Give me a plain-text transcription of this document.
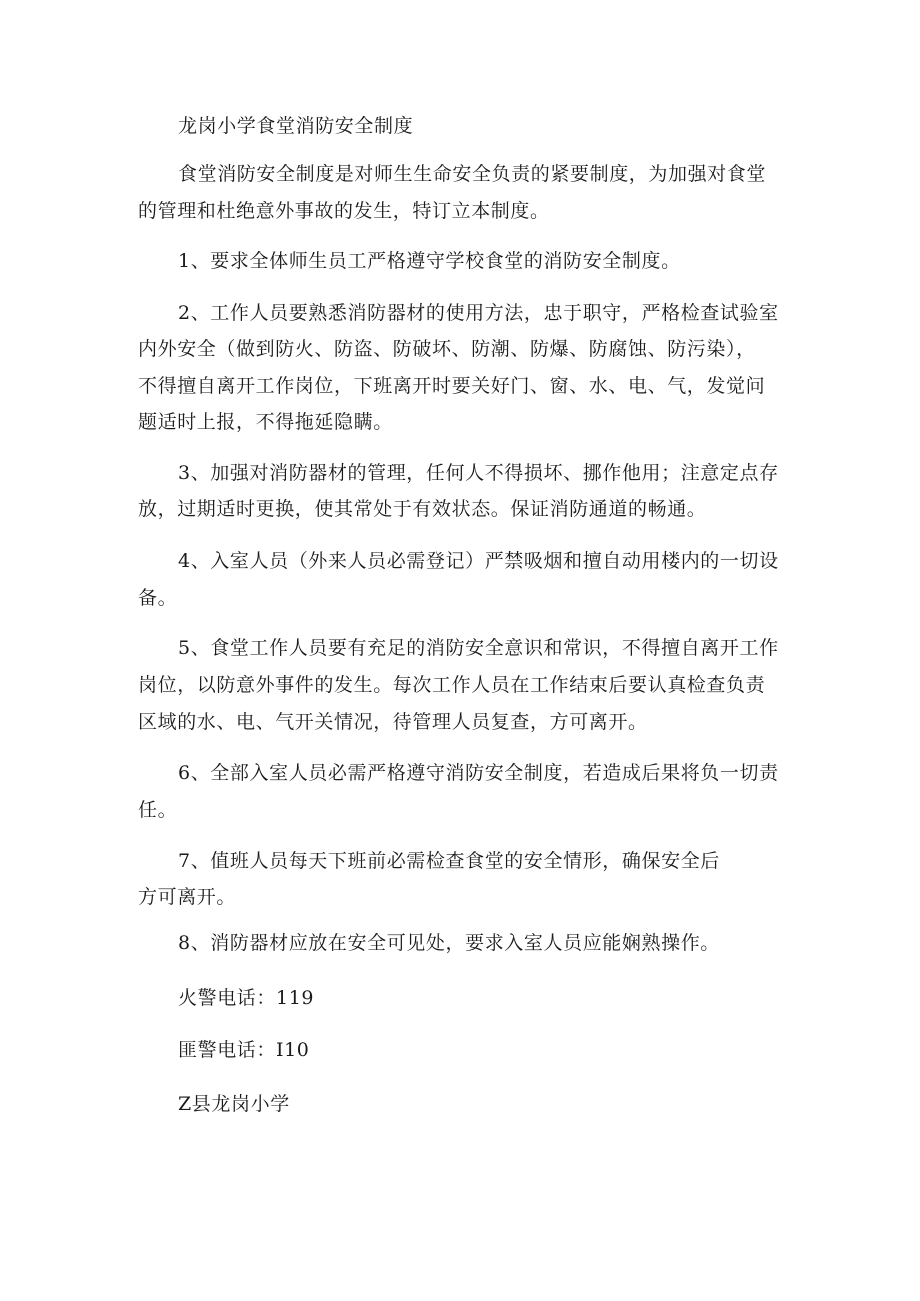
龙岗小学食堂消防安全制度
食堂消防安全制度是对师生生命安全负责的紧要制度，为加强对食堂
的管理和杜绝意外事故的发生，特订立本制度。
1、要求全体师生员工严格遵守学校食堂的消防安全制度。
2、工作人员要熟悉消防器材的使用方法，忠于职守，严格检查试验室
内外安全（做到防火、防盗、防破坏、防潮、防爆、防腐蚀、防污染），
不得擅自离开工作岗位，下班离开时要关好门、窗、水、电、气，发觉问
题适时上报，不得拖延隐瞒。
3、加强对消防器材的管理，任何人不得损坏、挪作他用；注意定点存
放，过期适时更换，使其常处于有效状态。保证消防通道的畅通。
4、入室人员（外来人员必需登记）严禁吸烟和擅自动用楼内的一切设
备。
5、食堂工作人员要有充足的消防安全意识和常识，不得擅自离开工作
岗位，以防意外事件的发生。每次工作人员在工作结束后要认真检查负责
区域的水、电、气开关情况，待管理人员复查，方可离开。
6、全部入室人员必需严格遵守消防安全制度，若造成后果将负一切责
任。
7、值班人员每天下班前必需检查食堂的安全情形，确保安全后
方可离开。
8、消防器材应放在安全可见处，要求入室人员应能娴熟操作。
火警电话：119
匪警电话：I10
Z县龙岗小学
